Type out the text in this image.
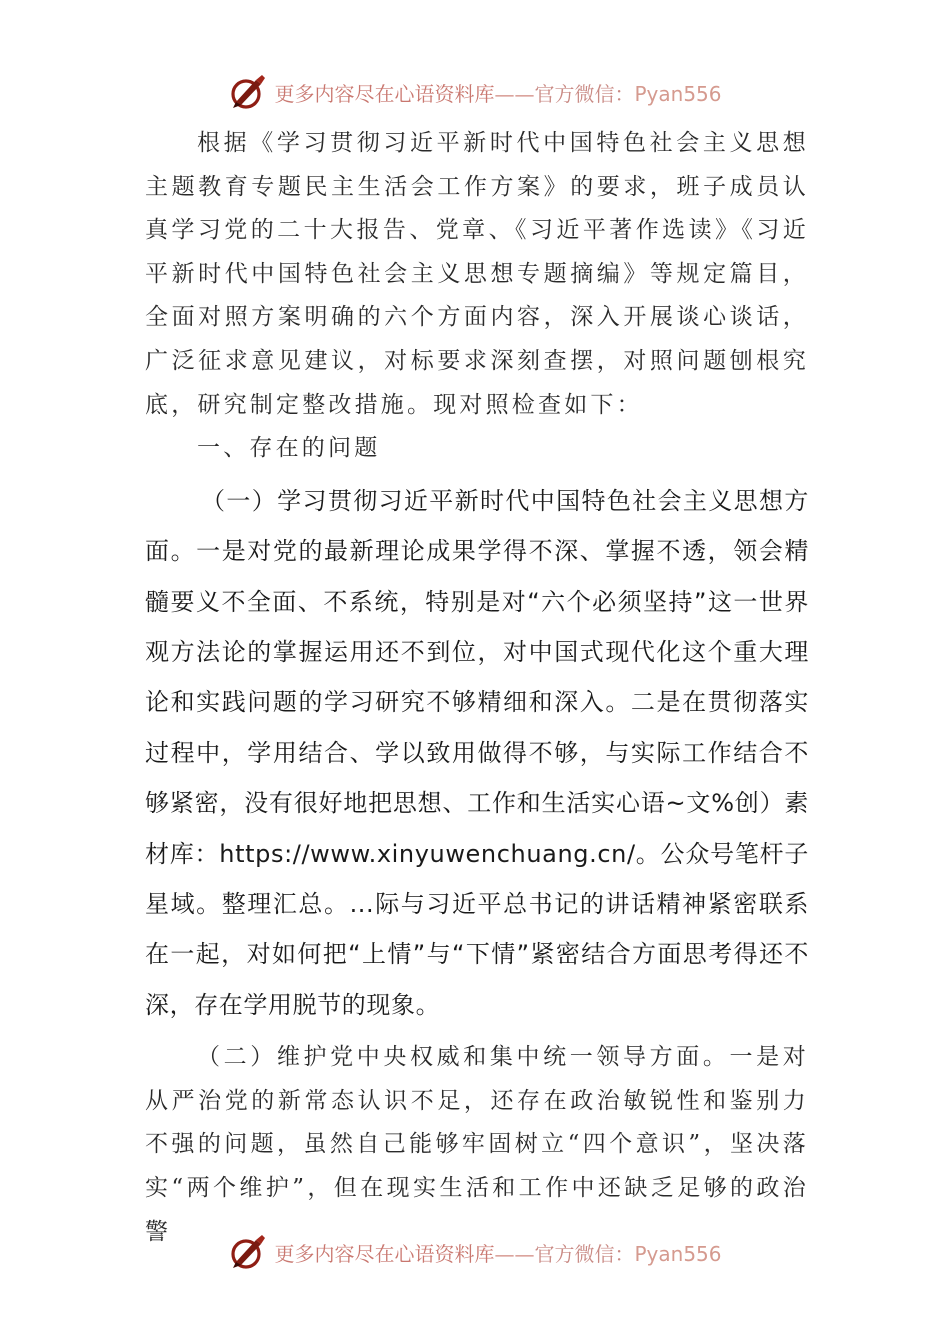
更多内容尽在心语资料库——官方微信：Pyan556

根据《学习贯彻习近平新时代中国特色社会主义思想主题教育专题民主生活会工作方案》的要求，班子成员认真学习党的二十大报告、党章、《习近平著作选读》《习近平新时代中国特色社会主义思想专题摘编》等规定篇目，全面对照方案明确的六个方面内容，深入开展谈心谈话，广泛征求意见建议，对标要求深刻查摆，对照问题刨根究底，研究制定整改措施。现对照检查如下：

一、存在的问题

（一）学习贯彻习近平新时代中国特色社会主义思想方面。一是对党的最新理论成果学得不深、掌握不透，领会精髓要义不全面、不系统，特别是对“六个必须坚持”这一世界观方法论的掌握运用还不到位，对中国式现代化这个重大理论和实践问题的学习研究不够精细和深入。二是在贯彻落实过程中，学用结合、学以致用做得不够，与实际工作结合不够紧密，没有很好地把思想、工作和生活实心语~文%创）素材库：https://www.xinyuwenchuang.cn/。公众号笔杆子星域。整理汇总。...际与习近平总书记的讲话精神紧密联系在一起，对如何把“上情”与“下情”紧密结合方面思考得还不深，存在学用脱节的现象。

（二）维护党中央权威和集中统一领导方面。一是对从严治党的新常态认识不足，还存在政治敏锐性和鉴别力不强的问题，虽然自己能够牢固树立“四个意识”，坚决落实“两个维护”，但在现实生活和工作中还缺乏足够的政治警

更多内容尽在心语资料库——官方微信：Pyan556
